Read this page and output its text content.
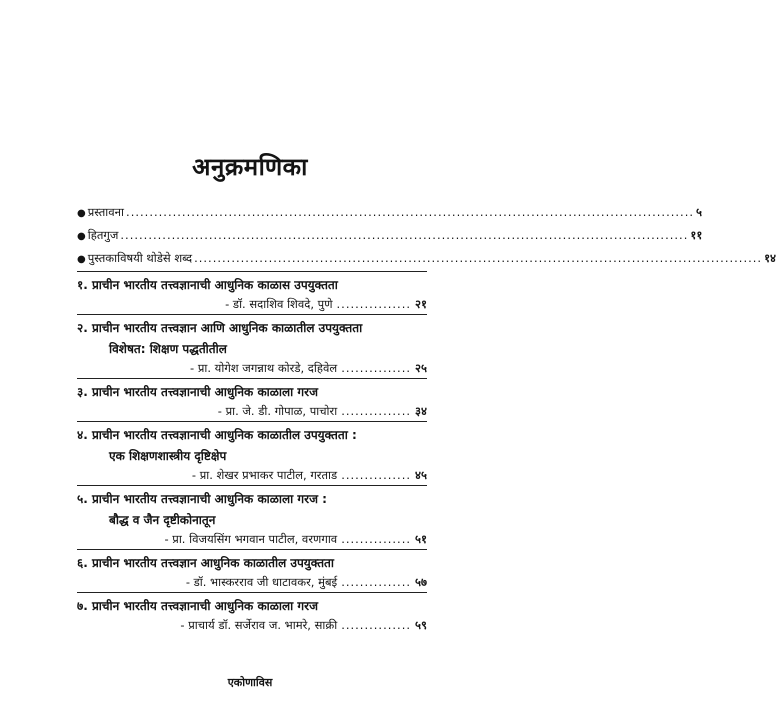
अनुक्रमणिका
● प्रस्तावना .......................................................................................................................... ५
● हितगुज .......................................................................................................................... ११
● पुस्तकाविषयी थोडेसे शब्द .......................................................................................................................... १४
१. प्राचीन भारतीय तत्त्वज्ञानाची आधुनिक काळास उपयुक्तता
- डॉ. सदाशिव शिवदे, पुणे ................ २१
२. प्राचीन भारतीय तत्त्वज्ञान आणि आधुनिक काळातील उपयुक्तता
विशेषत: शिक्षण पद्धतीतील
- प्रा. योगेश जगन्नाथ कोरडे, दहिवेल ............... २५
३. प्राचीन भारतीय तत्त्वज्ञानाची आधुनिक काळाला गरज
- प्रा. जे. डी. गोपाळ, पाचोरा ............... ३४
४. प्राचीन भारतीय तत्त्वज्ञानाची आधुनिक काळातील उपयुक्तता :
एक शिक्षणशास्त्रीय दृष्टिक्षेप
- प्रा. शेखर प्रभाकर पाटील, गरताड ............... ४५
५. प्राचीन भारतीय तत्त्वज्ञानाची आधुनिक काळाला गरज :
बौद्ध व जैन दृष्टीकोनातून
- प्रा. विजयसिंग भगवान पाटील, वरणगाव ............... ५१
६. प्राचीन भारतीय तत्त्वज्ञान आधुनिक काळातील उपयुक्तता
- डॉ. भास्करराव जी धाटावकर, मुंबई ............... ५७
७. प्राचीन भारतीय तत्त्वज्ञानाची आधुनिक काळाला गरज
- प्राचार्य डॉ. सर्जेराव ज. भामरे, साक्री ............... ५९
एकोणाविस
